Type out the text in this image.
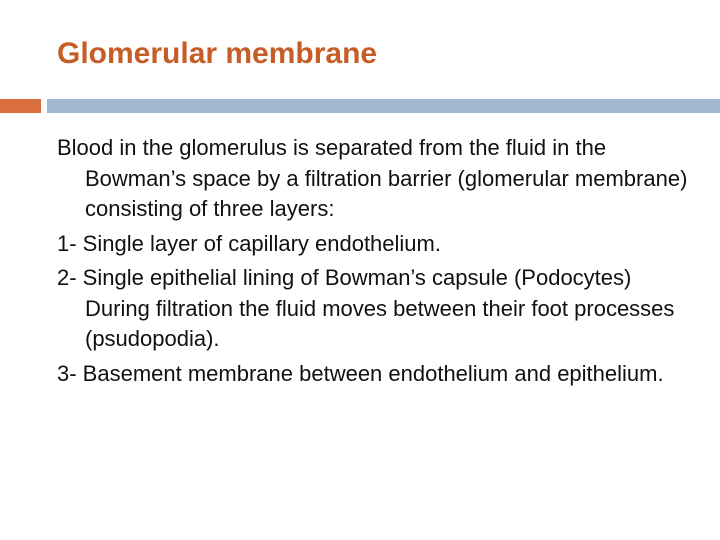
Glomerular membrane
Blood in the glomerulus is separated from the fluid in the Bowman’s space by a filtration barrier (glomerular membrane) consisting of three layers:
1- Single layer of capillary endothelium.
2- Single epithelial lining of Bowman’s capsule (Podocytes) During filtration the fluid moves between their foot processes (psudopodia).
3- Basement membrane between endothelium and epithelium.
